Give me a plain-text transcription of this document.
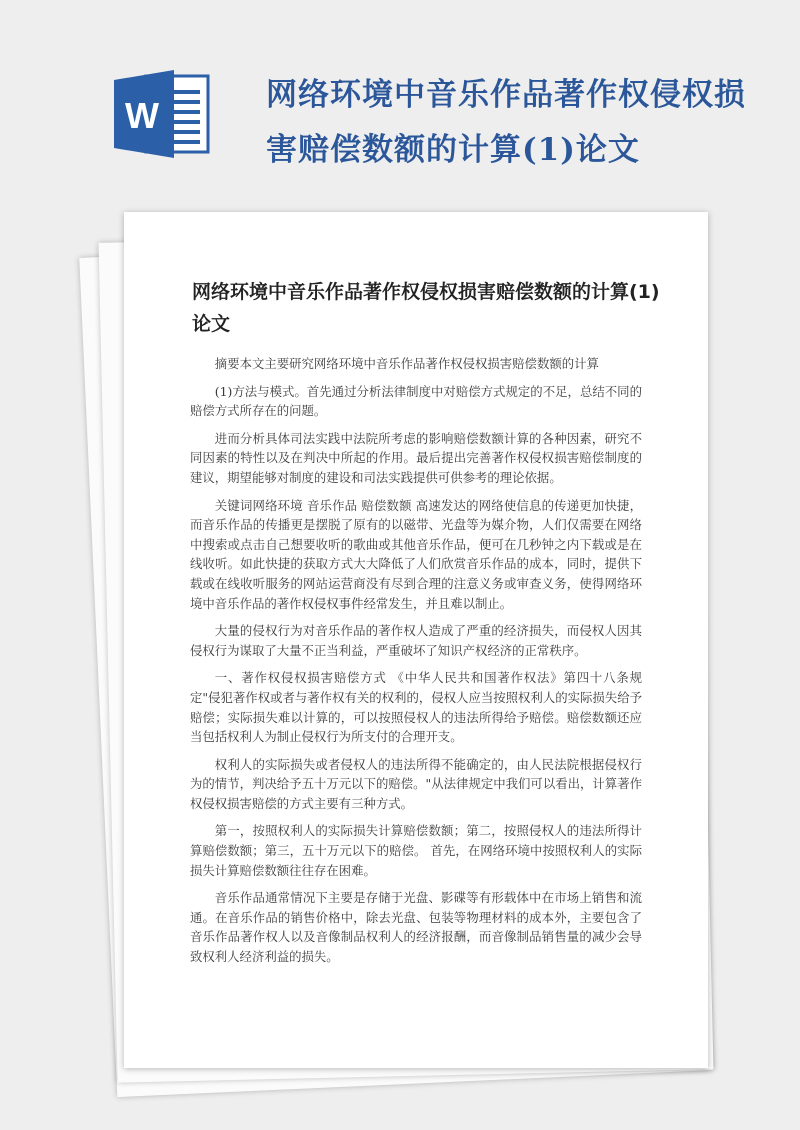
W	网络环境中音乐作品著作权侵权损害赔偿数额的计算(1)论文
网络环境中音乐作品著作权侵权损害赔偿数额的计算(1)论文

摘要本文主要研究网络环境中音乐作品著作权侵权损害赔偿数额的计算

(1)方法与模式。首先通过分析法律制度中对赔偿方式规定的不足，总结不同的赔偿方式所存在的问题。

进而分析具体司法实践中法院所考虑的影响赔偿数额计算的各种因素，研究不同因素的特性以及在判决中所起的作用。最后提出完善著作权侵权损害赔偿制度的建议，期望能够对制度的建设和司法实践提供可供参考的理论依据。

关键词网络环境 音乐作品 赔偿数额 高速发达的网络使信息的传递更加快捷，而音乐作品的传播更是摆脱了原有的以磁带、光盘等为媒介物，人们仅需要在网络中搜索或点击自己想要收听的歌曲或其他音乐作品，便可在几秒钟之内下载或是在线收听。如此快捷的获取方式大大降低了人们欣赏音乐作品的成本，同时，提供下载或在线收听服务的网站运营商没有尽到合理的注意义务或审查义务，使得网络环境中音乐作品的著作权侵权事件经常发生，并且难以制止。

大量的侵权行为对音乐作品的著作权人造成了严重的经济损失，而侵权人因其侵权行为谋取了大量不正当利益，严重破坏了知识产权经济的正常秩序。

一、著作权侵权损害赔偿方式 《中华人民共和国著作权法》第四十八条规定"侵犯著作权或者与著作权有关的权利的，侵权人应当按照权利人的实际损失给予赔偿；实际损失难以计算的，可以按照侵权人的违法所得给予赔偿。赔偿数额还应当包括权利人为制止侵权行为所支付的合理开支。

权利人的实际损失或者侵权人的违法所得不能确定的，由人民法院根据侵权行为的情节，判决给予五十万元以下的赔偿。"从法律规定中我们可以看出，计算著作权侵权损害赔偿的方式主要有三种方式。

第一，按照权利人的实际损失计算赔偿数额；第二，按照侵权人的违法所得计算赔偿数额；第三，五十万元以下的赔偿。 首先，在网络环境中按照权利人的实际损失计算赔偿数额往往存在困难。

音乐作品通常情况下主要是存储于光盘、影碟等有形载体中在市场上销售和流通。在音乐作品的销售价格中，除去光盘、包装等物理材料的成本外，主要包含了音乐作品著作权人以及音像制品权利人的经济报酬，而音像制品销售量的减少会导致权利人经济利益的损失。
